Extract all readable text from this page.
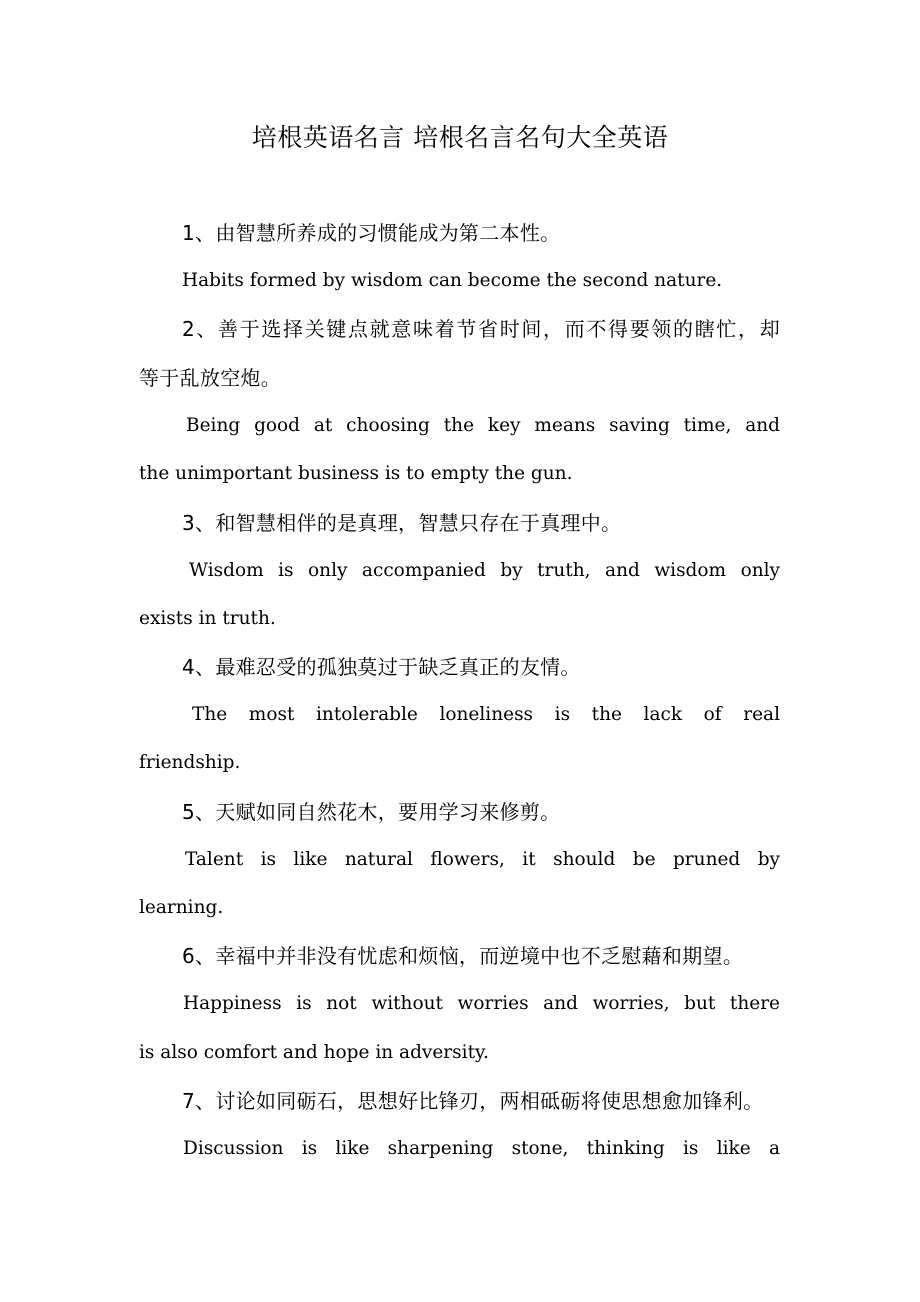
培根英语名言 培根名言名句大全英语
1、由智慧所养成的习惯能成为第二本性。
Habits formed by wisdom can become the second nature.
2、善于选择关键点就意味着节省时间，而不得要领的瞎忙，却
等于乱放空炮。
Being good at choosing the key means saving time, and
the unimportant business is to empty the gun.
3、和智慧相伴的是真理，智慧只存在于真理中。
Wisdom is only accompanied by truth, and wisdom only
exists in truth.
4、最难忍受的孤独莫过于缺乏真正的友情。
The most intolerable loneliness is the lack of real
friendship.
5、天赋如同自然花木，要用学习来修剪。
Talent is like natural flowers, it should be pruned by
learning.
6、幸福中并非没有忧虑和烦恼，而逆境中也不乏慰藉和期望。
Happiness is not without worries and worries, but there
is also comfort and hope in adversity.
7、讨论如同砺石，思想好比锋刃，两相砥砺将使思想愈加锋利。
Discussion is like sharpening stone, thinking is like a
